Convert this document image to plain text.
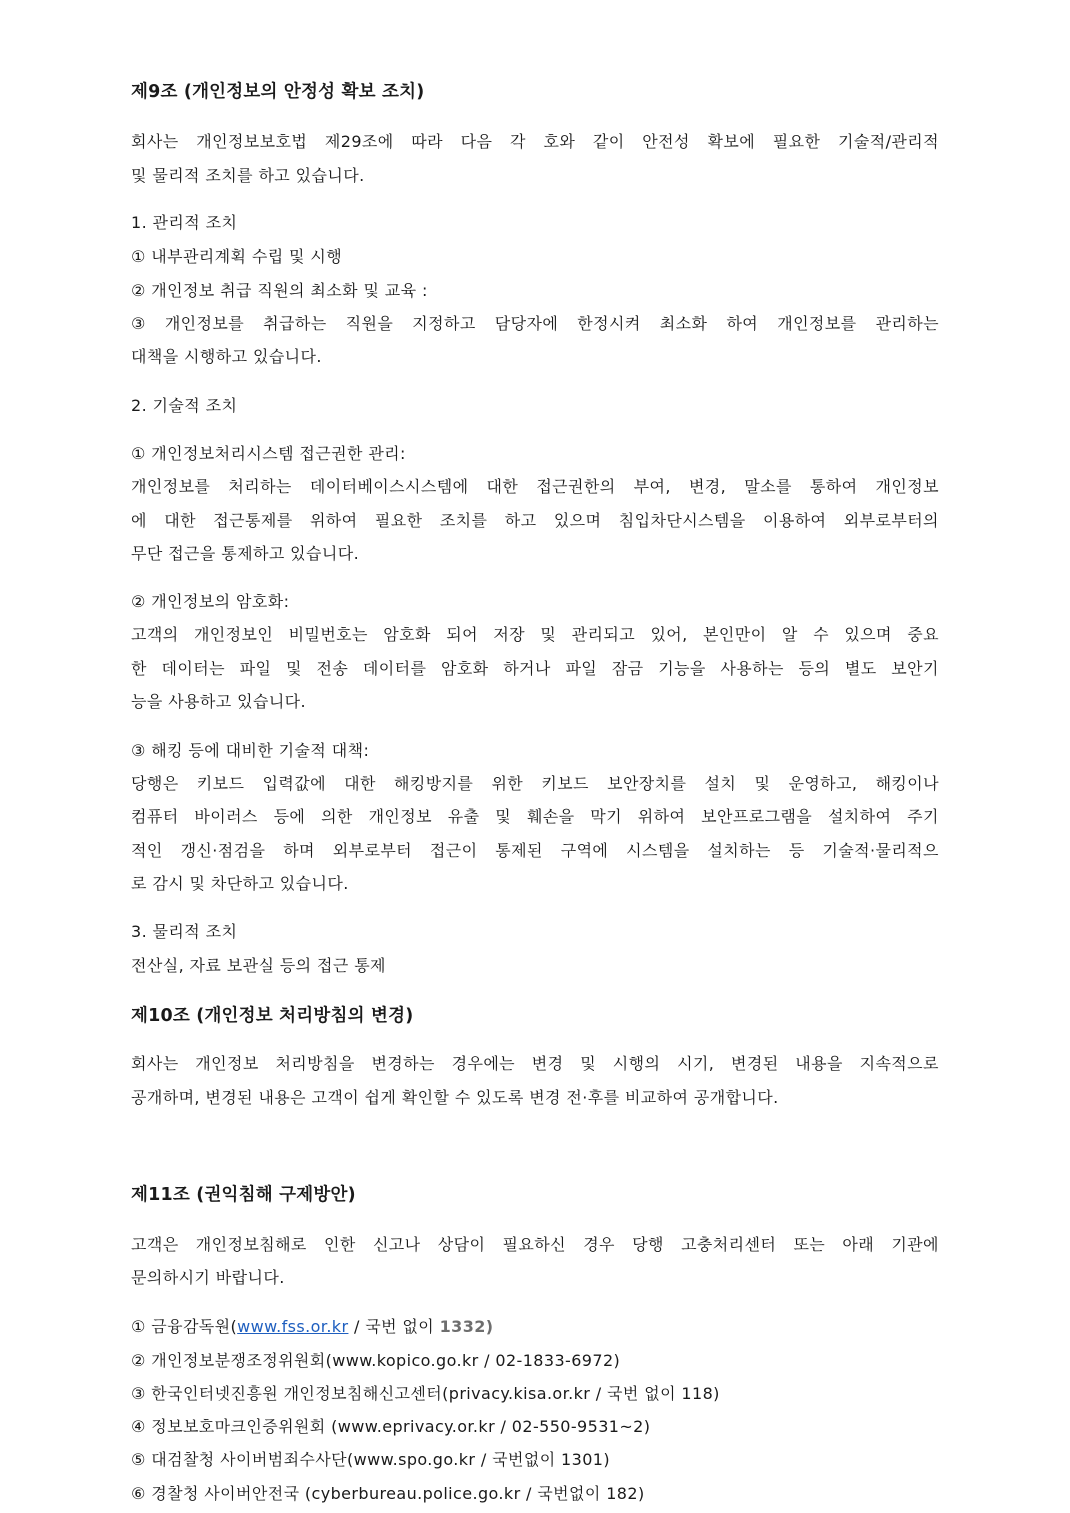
제9조 (개인정보의 안정성 확보 조치)
회사는 개인정보보호법 제29조에 따라 다음 각 호와 같이 안전성 확보에 필요한 기술적/관리적
및 물리적 조치를 하고 있습니다.
1. 관리적 조치
① 내부관리계획 수립 및 시행
② 개인정보 취급 직원의 최소화 및 교육 :
③ 개인정보를 취급하는 직원을 지정하고 담당자에 한정시켜 최소화 하여 개인정보를 관리하는
대책을 시행하고 있습니다.
2. 기술적 조치
① 개인정보처리시스템 접근권한 관리:
개인정보를 처리하는 데이터베이스시스템에 대한 접근권한의 부여, 변경, 말소를 통하여 개인정보
에 대한 접근통제를 위하여 필요한 조치를 하고 있으며 침입차단시스템을 이용하여 외부로부터의
무단 접근을 통제하고 있습니다.
② 개인정보의 암호화:
고객의 개인정보인 비밀번호는 암호화 되어 저장 및 관리되고 있어, 본인만이 알 수 있으며 중요
한 데이터는 파일 및 전송 데이터를 암호화 하거나 파일 잠금 기능을 사용하는 등의 별도 보안기
능을 사용하고 있습니다.
③ 해킹 등에 대비한 기술적 대책:
당행은 키보드 입력값에 대한 해킹방지를 위한 키보드 보안장치를 설치 및 운영하고, 해킹이나
컴퓨터 바이러스 등에 의한 개인정보 유출 및 훼손을 막기 위하여 보안프로그램을 설치하여 주기
적인 갱신·점검을 하며 외부로부터 접근이 통제된 구역에 시스템을 설치하는 등 기술적·물리적으
로 감시 및 차단하고 있습니다.
3. 물리적 조치
전산실, 자료 보관실 등의 접근 통제
제10조 (개인정보 처리방침의 변경)
회사는 개인정보 처리방침을 변경하는 경우에는 변경 및 시행의 시기, 변경된 내용을 지속적으로
공개하며, 변경된 내용은 고객이 쉽게 확인할 수 있도록 변경 전·후를 비교하여 공개합니다.
제11조 (권익침해 구제방안)
고객은 개인정보침해로 인한 신고나 상담이 필요하신 경우 당행 고충처리센터 또는 아래 기관에
문의하시기 바랍니다.
① 금융감독원(www.fss.or.kr / 국번 없이 1332)
② 개인정보분쟁조정위원회(www.kopico.go.kr / 02-1833-6972)
③ 한국인터넷진흥원 개인정보침해신고센터(privacy.kisa.or.kr / 국번 없이 118)
④ 정보보호마크인증위원회 (www.eprivacy.or.kr / 02-550-9531~2)
⑤ 대검찰청 사이버범죄수사단(www.spo.go.kr / 국번없이 1301)
⑥ 경찰청 사이버안전국 (cyberbureau.police.go.kr / 국번없이 182)
